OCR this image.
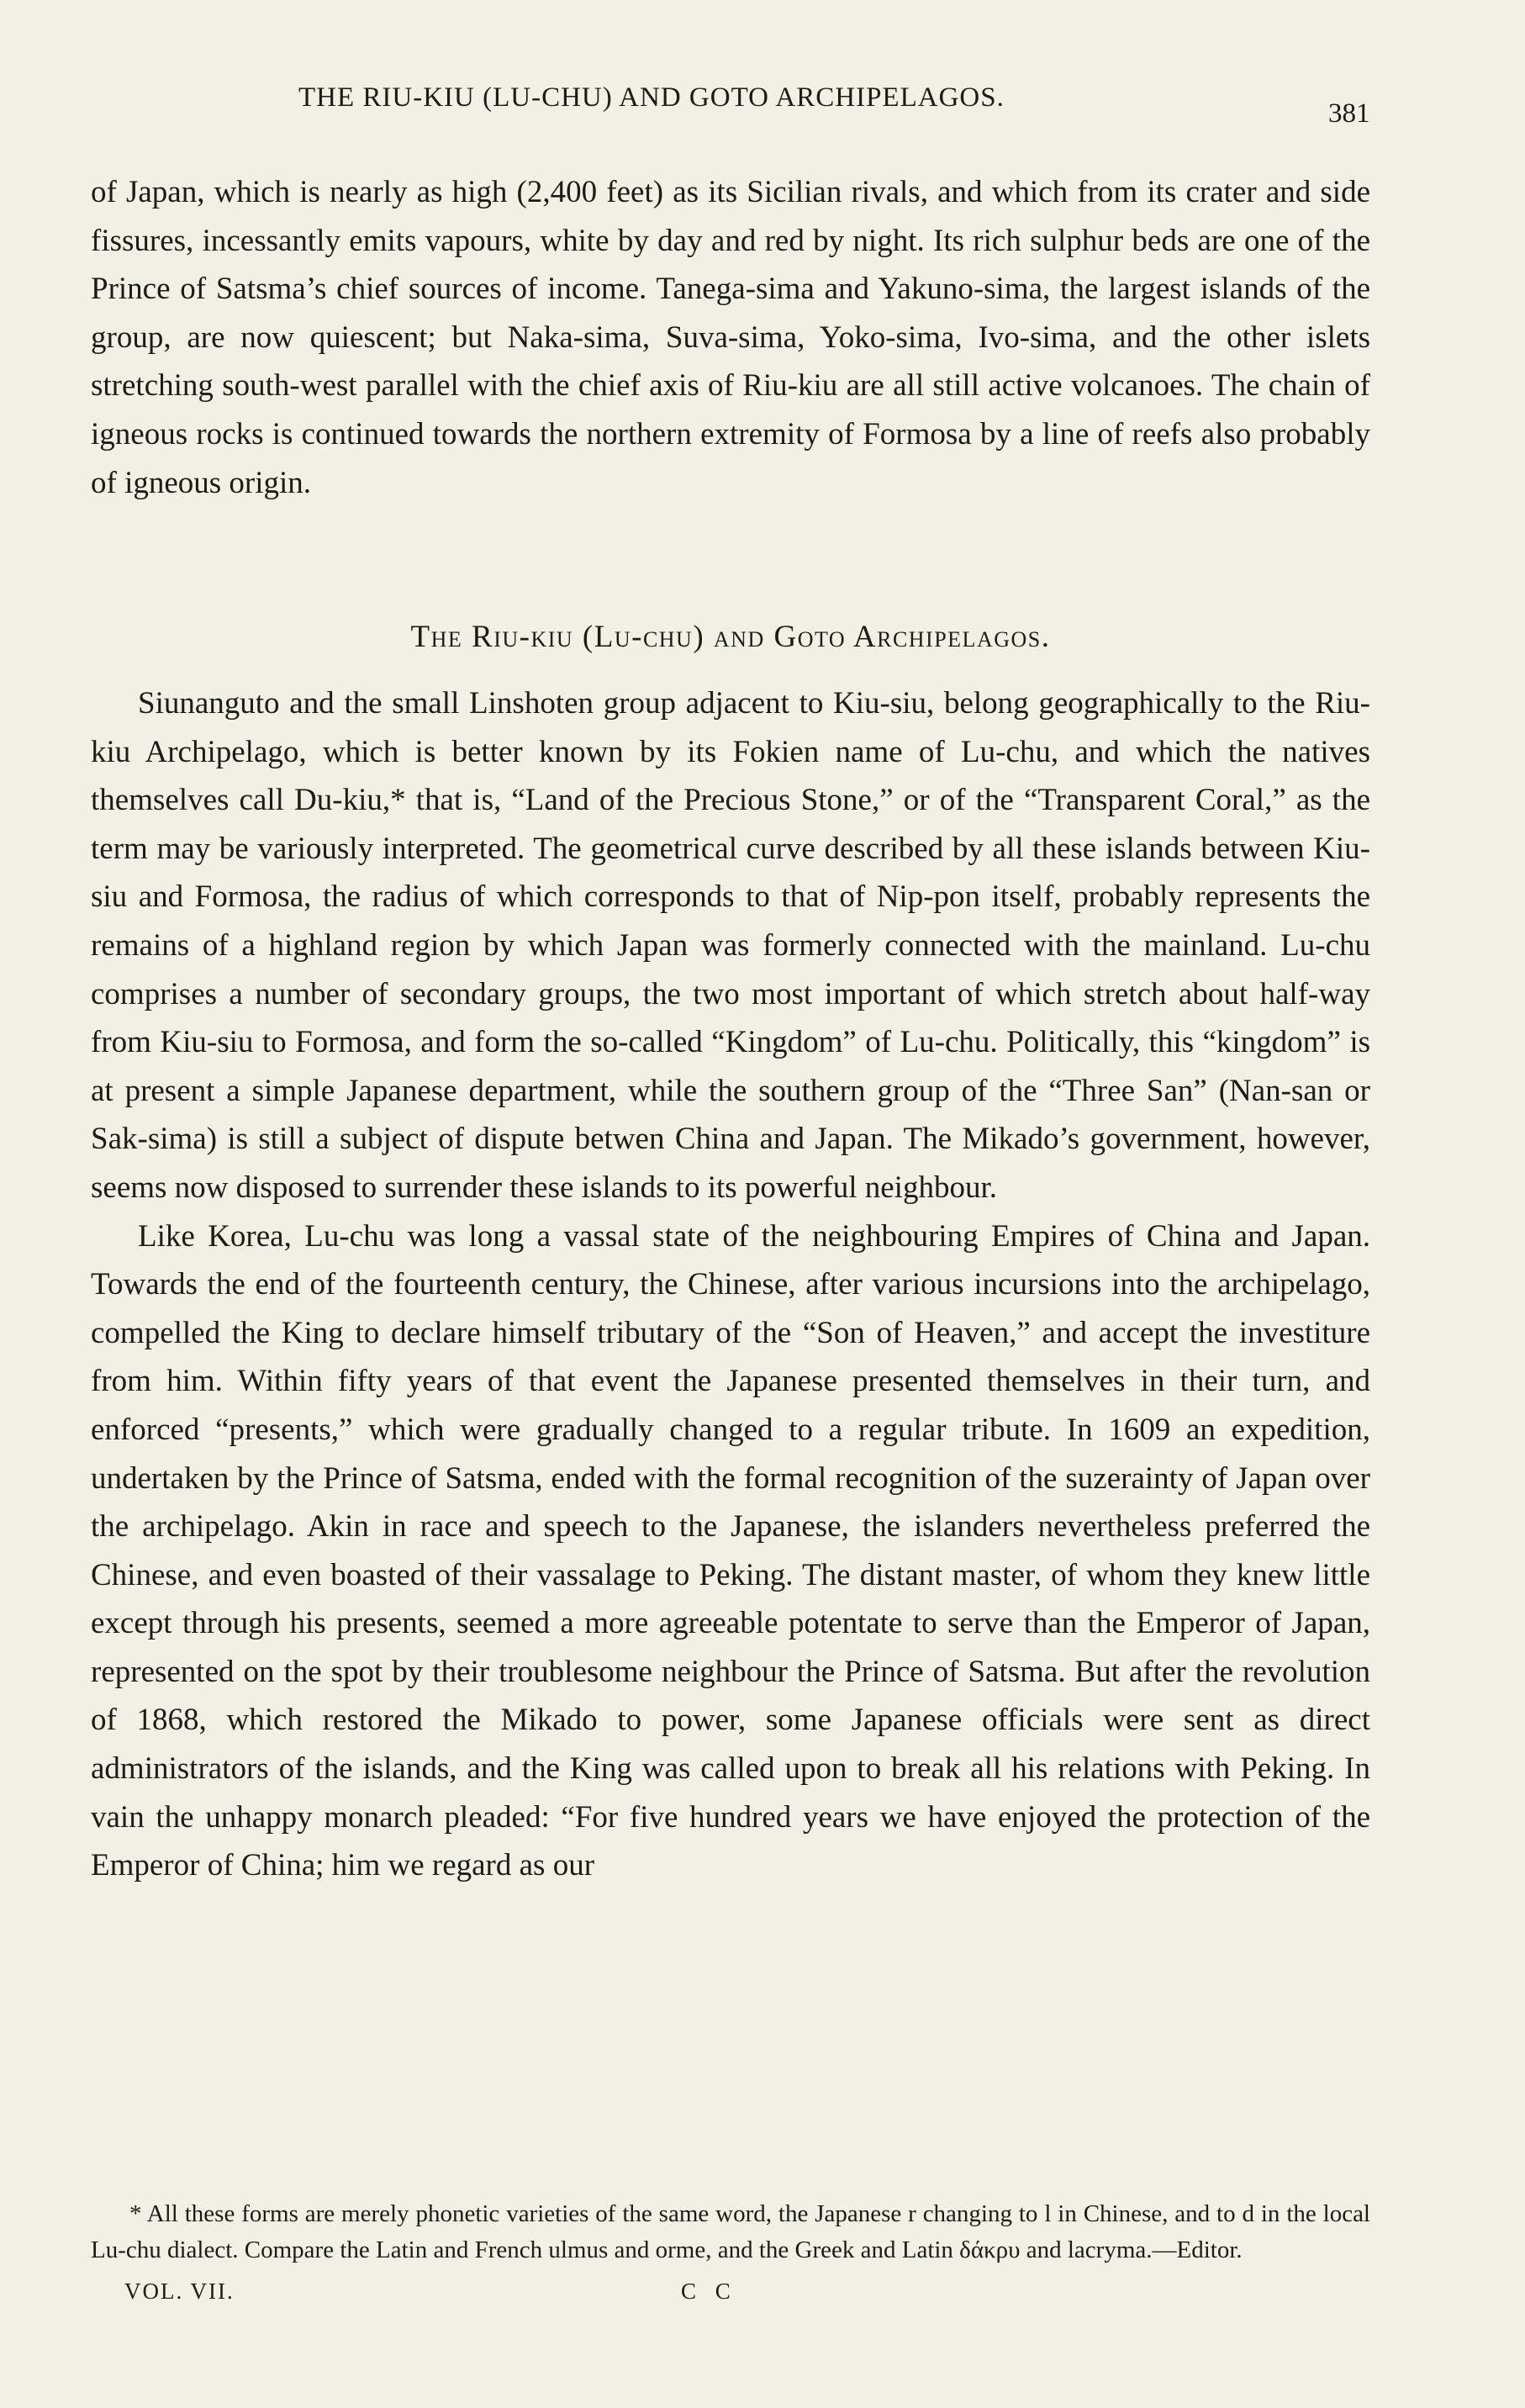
THE RIU-KIU (LU-CHU) AND GOTO ARCHIPELAGOS.
381

of Japan, which is nearly as high (2,400 feet) as its Sicilian rivals, and which from its crater and side fissures, incessantly emits vapours, white by day and red by night. Its rich sulphur beds are one of the Prince of Satsma’s chief sources of income. Tanega-sima and Yakuno-sima, the largest islands of the group, are now quiescent; but Naka-sima, Suva-sima, Yoko-sima, Ivo-sima, and the other islets stretching south-west parallel with the chief axis of Riu-kiu are all still active volcanoes. The chain of igneous rocks is continued towards the northern extremity of Formosa by a line of reefs also probably of igneous origin.

The Riu-kiu (Lu-chu) and Goto Archipelagos.

Siunanguto and the small Linshoten group adjacent to Kiu-siu, belong geographically to the Riu-kiu Archipelago, which is better known by its Fokien name of Lu-chu, and which the natives themselves call Du-kiu,* that is, “Land of the Precious Stone,” or of the “Transparent Coral,” as the term may be variously interpreted. The geometrical curve described by all these islands between Kiu-siu and Formosa, the radius of which corresponds to that of Nip-pon itself, probably represents the remains of a highland region by which Japan was formerly connected with the mainland. Lu-chu comprises a number of secondary groups, the two most important of which stretch about half-way from Kiu-siu to Formosa, and form the so-called “Kingdom” of Lu-chu. Politically, this “kingdom” is at present a simple Japanese department, while the southern group of the “Three San” (Nan-san or Sak-sima) is still a subject of dispute betwen China and Japan. The Mikado’s government, however, seems now disposed to surrender these islands to its powerful neighbour.

Like Korea, Lu-chu was long a vassal state of the neighbouring Empires of China and Japan. Towards the end of the fourteenth century, the Chinese, after various incursions into the archipelago, compelled the King to declare himself tributary of the “Son of Heaven,” and accept the investiture from him. Within fifty years of that event the Japanese presented themselves in their turn, and enforced “presents,” which were gradually changed to a regular tribute. In 1609 an expedition, undertaken by the Prince of Satsma, ended with the formal recognition of the suzerainty of Japan over the archipelago. Akin in race and speech to the Japanese, the islanders nevertheless preferred the Chinese, and even boasted of their vassalage to Peking. The distant master, of whom they knew little except through his presents, seemed a more agreeable potentate to serve than the Emperor of Japan, represented on the spot by their troublesome neighbour the Prince of Satsma. But after the revolution of 1868, which restored the Mikado to power, some Japanese officials were sent as direct administrators of the islands, and the King was called upon to break all his relations with Peking. In vain the unhappy monarch pleaded: “For five hundred years we have enjoyed the protection of the Emperor of China; him we regard as our

* All these forms are merely phonetic varieties of the same word, the Japanese r changing to l in Chinese, and to d in the local Lu-chu dialect. Compare the Latin and French ulmus and orme, and the Greek and Latin δάκρυ and lacryma.—Editor.
VOL. VII.	C C
